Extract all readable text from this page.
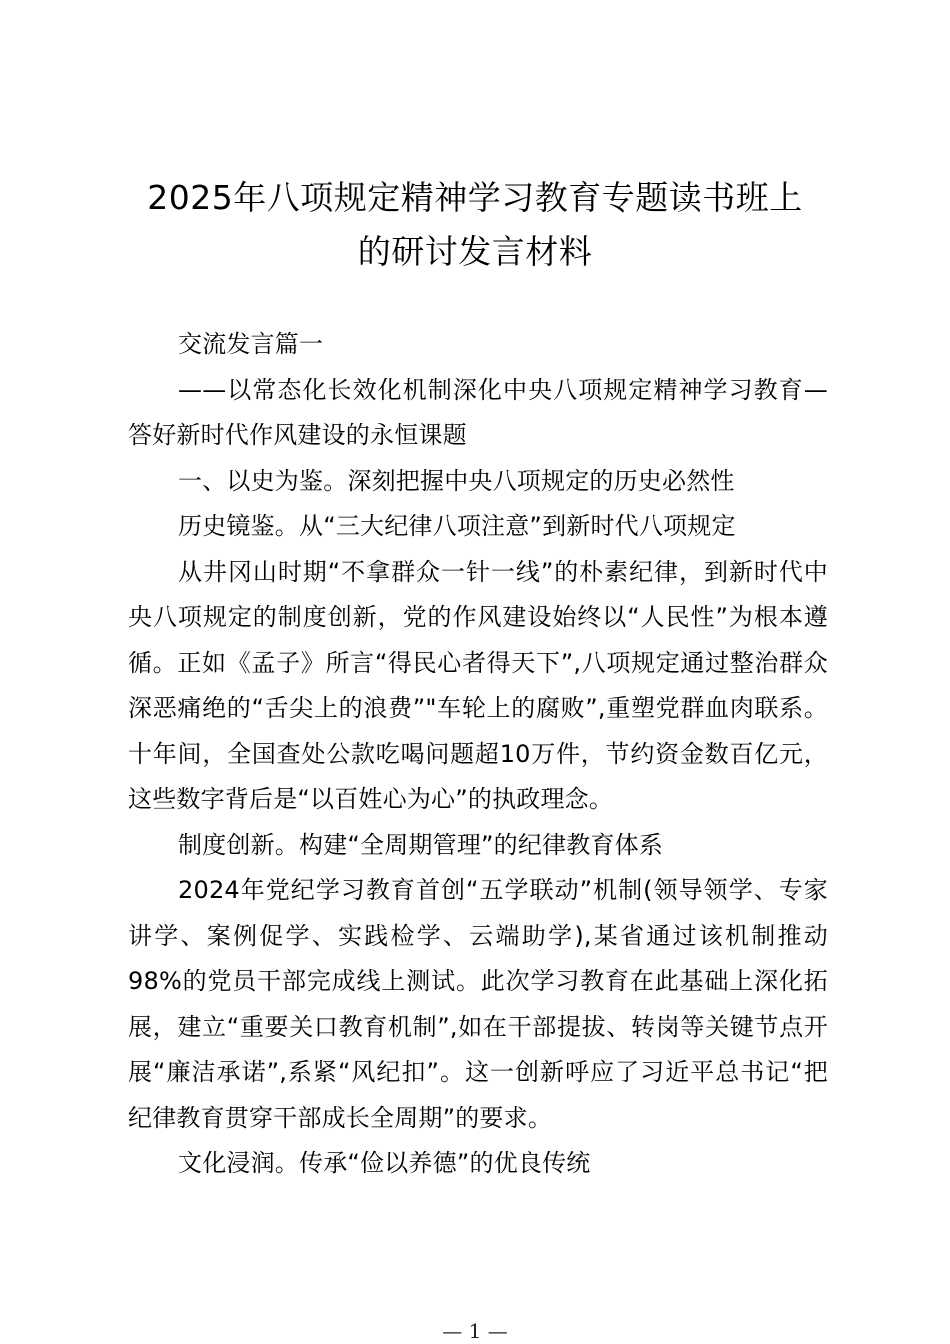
2025年八项规定精神学习教育专题读书班上
的研讨发言材料

交流发言篇一

——以常态化长效化机制深化中央八项规定精神学习教育—答好新时代作风建设的永恒课题

一、以史为鉴。深刻把握中央八项规定的历史必然性

历史镜鉴。从“三大纪律八项注意”到新时代八项规定

从井冈山时期“不拿群众一针一线”的朴素纪律，到新时代中央八项规定的制度创新，党的作风建设始终以“人民性”为根本遵循。正如《孟子》所言“得民心者得天下”,八项规定通过整治群众深恶痛绝的“舌尖上的浪费”"车轮上的腐败”,重塑党群血肉联系。十年间，全国查处公款吃喝问题超10万件，节约资金数百亿元，这些数字背后是“以百姓心为心”的执政理念。

制度创新。构建“全周期管理”的纪律教育体系

2024年党纪学习教育首创“五学联动”机制(领导领学、专家讲学、案例促学、实践检学、云端助学),某省通过该机制推动98%的党员干部完成线上测试。此次学习教育在此基础上深化拓展，建立“重要关口教育机制”,如在干部提拔、转岗等关键节点开展“廉洁承诺”,系紧“风纪扣”。这一创新呼应了习近平总书记“把纪律教育贯穿干部成长全周期”的要求。

文化浸润。传承“俭以养德”的优良传统

— 1 —
